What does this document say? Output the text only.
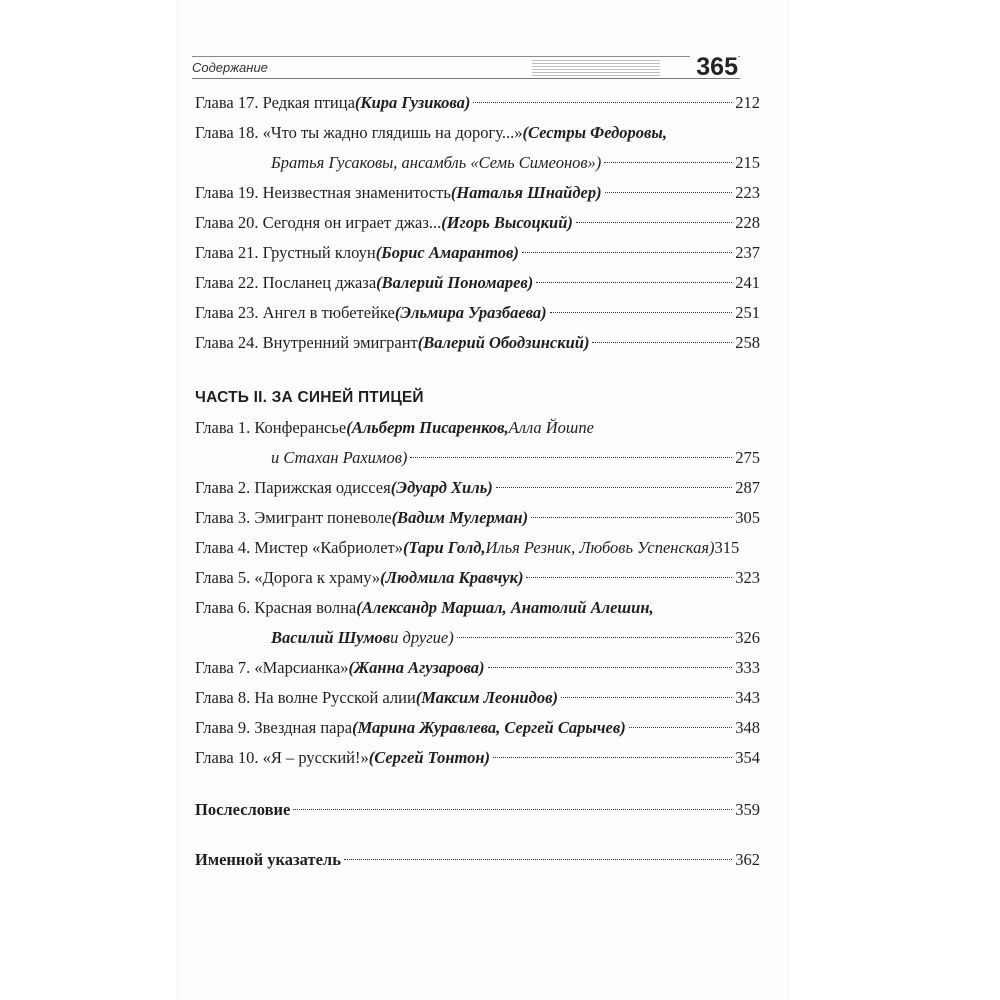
Содержание	365
Глава 17. Редкая птица (Кира Гузикова)	212
Глава 18. «Что ты жадно глядишь на дорогу...» (Сестры Федоровы,
Братья Гусаковы, ансамбль «Семь Симеонов»)	215
Глава 19. Неизвестная знаменитость (Наталья Шнайдер)	223
Глава 20. Сегодня он играет джаз... (Игорь Высоцкий)	228
Глава 21. Грустный клоун (Борис Амарантов)	237
Глава 22. Посланец джаза (Валерий Пономарев)	241
Глава 23. Ангел в тюбетейке (Эльмира Уразбаева)	251
Глава 24. Внутренний эмигрант (Валерий Ободзинский)	258
ЧАСТЬ II. ЗА СИНЕЙ ПТИЦЕЙ
Глава 1. Конферансье (Альберт Писаренков, Алла Йошпе
и Стахан Рахимов)	275
Глава 2. Парижская одиссея (Эдуард Хиль)	287
Глава 3. Эмигрант поневоле (Вадим Мулерман)	305
Глава 4. Мистер «Кабриолет» (Тари Голд, Илья Резник, Любовь Успенская) 315
Глава 5. «Дорога к храму» (Людмила Кравчук)	323
Глава 6. Красная волна (Александр Маршал, Анатолий Алешин,
Василий Шумов и другие)	326
Глава 7. «Марсианка» (Жанна Агузарова)	333
Глава 8. На волне Русской алии (Максим Леонидов)	343
Глава 9. Звездная пара (Марина Журавлева, Сергей Сарычев)	348
Глава 10. «Я – русский!» (Сергей Тонтон)	354
Послесловие	359
Именной указатель	362
